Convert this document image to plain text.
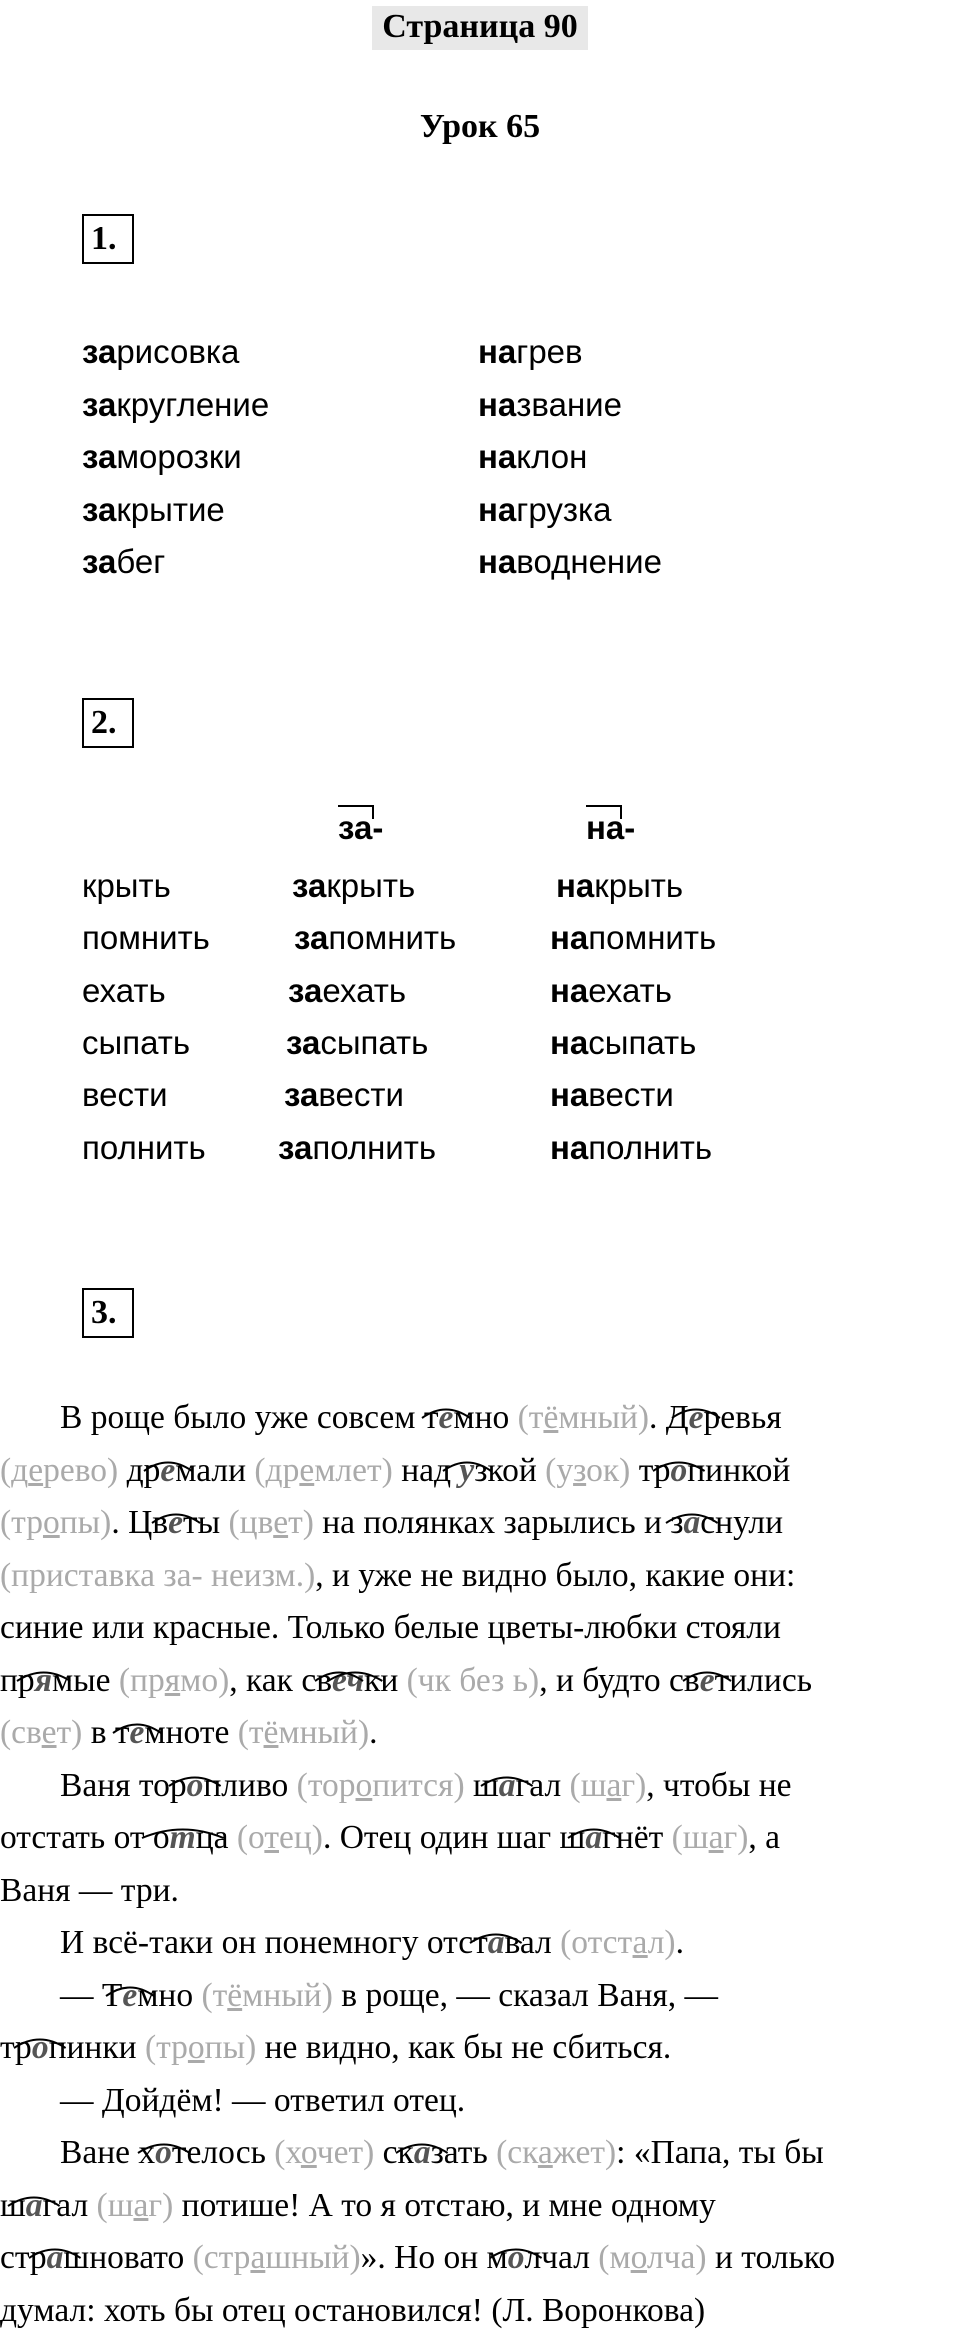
Страница 90
Урок 65
1.
зарисовка
закругление
заморозки
закрытие
забег
нагрев
название
наклон
нагрузка
наводнение
2.
за-	на-
крыть	закрыть	накрыть
помнить	запомнить	напомнить
ехать	заехать	наехать
сыпать	засыпать	насыпать
вести	завести	навести
полнить заполнить	наполнить
3.
В роще было уже совсем темно (тёмный). Деревья
(дерево) дремали (дремлет) над узкой (узок) тропинкой
(тропы). Цветы (цвет) на полянках зарылись и заснули
(приставка за- неизм.), и уже не видно было, какие они:
синие или красные. Только белые цветы-любки стояли
прямые (прямо), как свечки (чк без ь), и будто светились
(свет) в темноте (тёмный).
Ваня торопливо (торопится) шагал (шаг), чтобы не
отстать от отца (отец). Отец один шаг шагнёт (шаг), а
Ваня — три.
И всё-таки он понемногу отставал (отстал).
— Темно (тёмный) в роще, — сказал Ваня, —
тропинки (тропы) не видно, как бы не сбиться.
— Дойдём! — ответил отец.
Ване хотелось (хочет) сказать (скажет): «Папа, ты бы
шагал (шаг) потише! А то я отстаю, и мне одному
страшновато (страшный)». Но он молчал (молча) и только
думал: хоть бы отец остановился! (Л. Воронкова)
